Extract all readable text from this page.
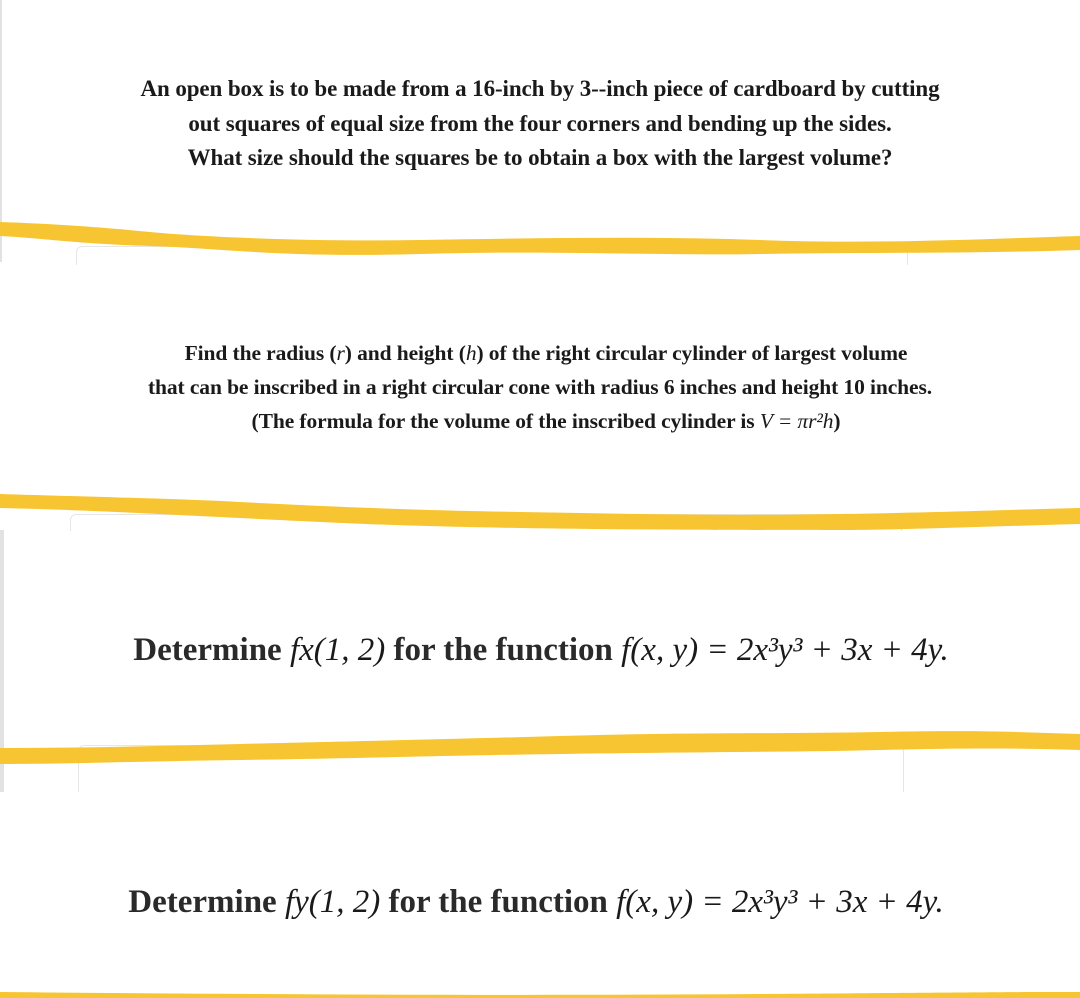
An open box is to be made from a 16-inch by 3--inch piece of cardboard by cutting

out squares of equal size from the four corners and bending up the sides.

What size should the squares be to obtain a box with the largest volume?

Find the radius (r) and height (h) of the right circular cylinder of largest volume

that can be inscribed in a right circular cone with radius 6 inches and height 10 inches.

(The formula for the volume of the inscribed cylinder is V = πr²h)

Determine fx(1, 2) for the function f(x, y) = 2x³y³ + 3x + 4y.
Determine fy(1, 2) for the function f(x, y) = 2x³y³ + 3x + 4y.
